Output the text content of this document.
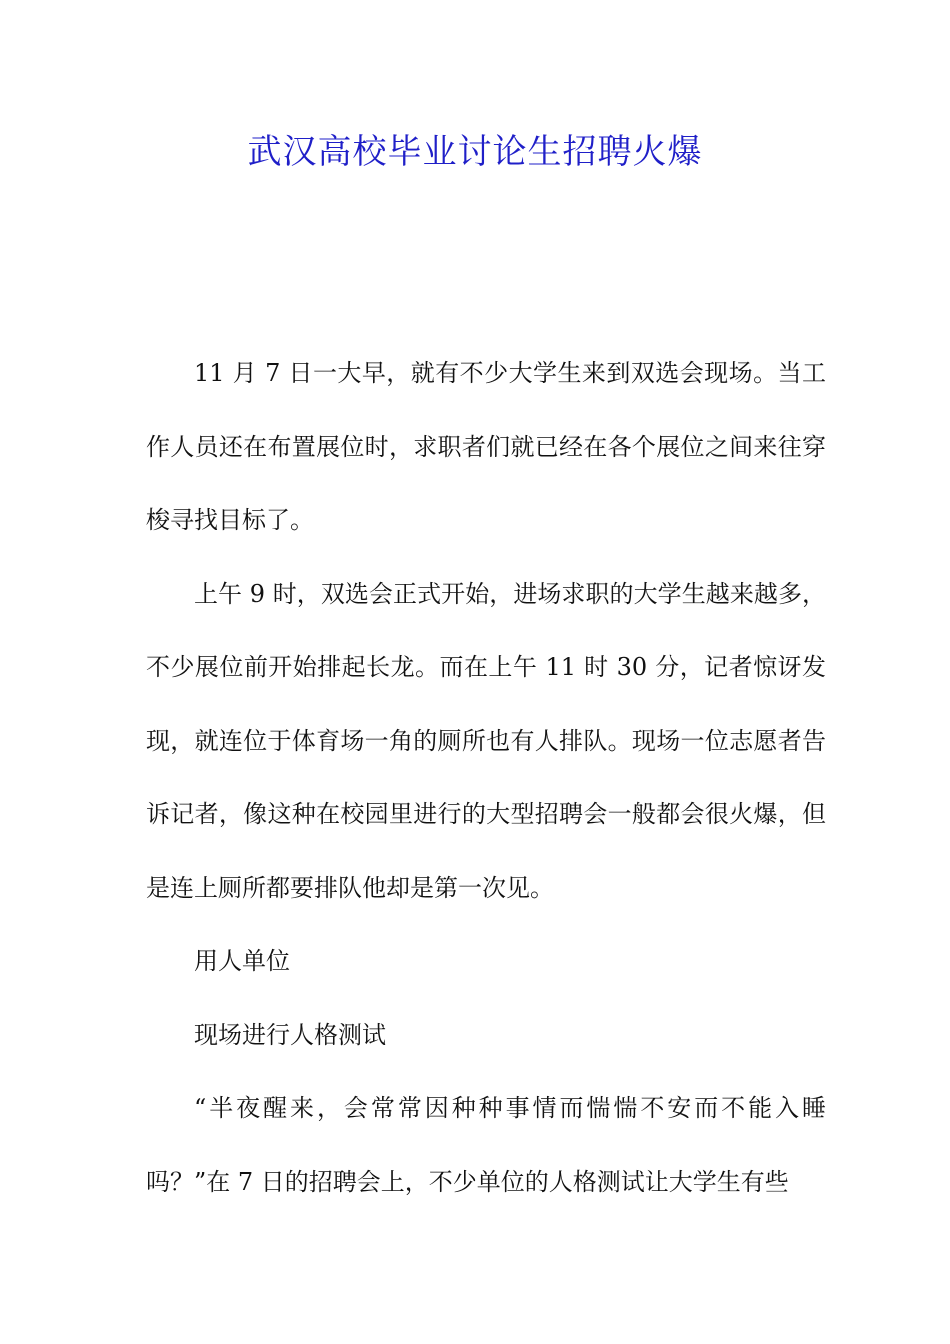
武汉高校毕业讨论生招聘火爆

11 月 7 日一大早，就有不少大学生来到双选会现场。当工作人员还在布置展位时，求职者们就已经在各个展位之间来往穿梭寻找目标了。

上午 9 时，双选会正式开始，进场求职的大学生越来越多，不少展位前开始排起长龙。而在上午 11 时 30 分，记者惊讶发现，就连位于体育场一角的厕所也有人排队。现场一位志愿者告诉记者，像这种在校园里进行的大型招聘会一般都会很火爆，但是连上厕所都要排队他却是第一次见。

用人单位

现场进行人格测试

“半夜醒来，会常常因种种事情而惴惴不安而不能入睡吗？”在 7 日的招聘会上，不少单位的人格测试让大学生有些
